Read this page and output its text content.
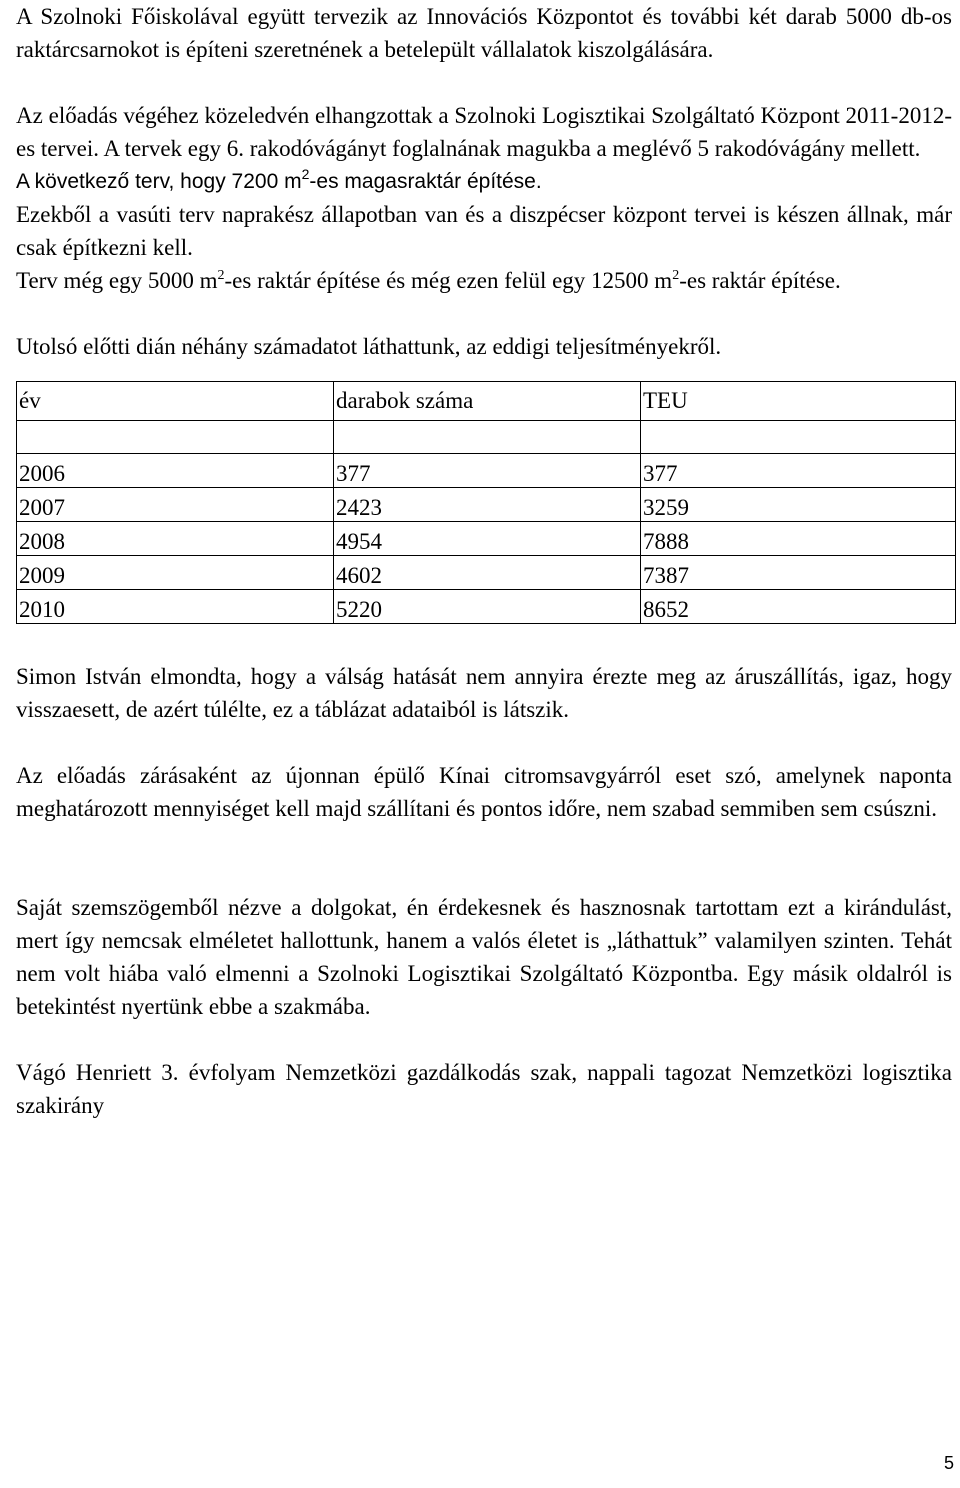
A Szolnoki Főiskolával együtt tervezik az Innovációs Központot és további két darab 5000 db-os raktárcsarnokot is építeni szeretnének a betelepült vállalatok kiszolgálására.

Az előadás végéhez közeledvén elhangzottak a Szolnoki Logisztikai Szolgáltató Központ 2011-2012-es tervei. A tervek egy 6. rakodóvágányt foglalnának magukba a meglévő 5 rakodóvágány mellett.

A következő terv, hogy 7200 $m^2-es$ magasraktár építése.

Ezekből a vasúti terv naprakész állapotban van és a diszpécser központ tervei is készen állnak, már csak építkezni kell.

Terv még egy 5000 $m^2-es$ raktár építése és még ezen felül egy 12500 $m^2-es$ raktár építése.

Utolsó előtti dián néhány számadatot láthattunk, az eddigi teljesítményekről.

év	darabok száma	TEU

2006	377	377
2007	2423	3259
2008	4954	7888
2009	4602	7387
2010	5220	8652

Simon István elmondta, hogy a válság hatását nem annyira érezte meg az áruszállítás, igaz, hogy visszaesett, de azért túlélte, ez a táblázat adataiból is látszik.

Az előadás zárásaként az újonnan épülő Kínai citromsavgyárról eset szó, amelynek naponta meghatározott mennyiséget kell majd szállítani és pontos időre, nem szabad semmiben sem csúszni.

Saját szemszögemből nézve a dolgokat, én érdekesnek és hasznosnak tartottam ezt a kirándulást, mert így nemcsak elméletet hallottunk, hanem a valós életet is „láthattuk” valamilyen szinten. Tehát nem volt hiába való elmenni a Szolnoki Logisztikai Szolgáltató Központba. Egy másik oldalról is betekintést nyertünk ebbe a szakmába.

Vágó Henriett 3. évfolyam Nemzetközi gazdálkodás szak, nappali tagozat Nemzetközi logisztika szakirány

5
